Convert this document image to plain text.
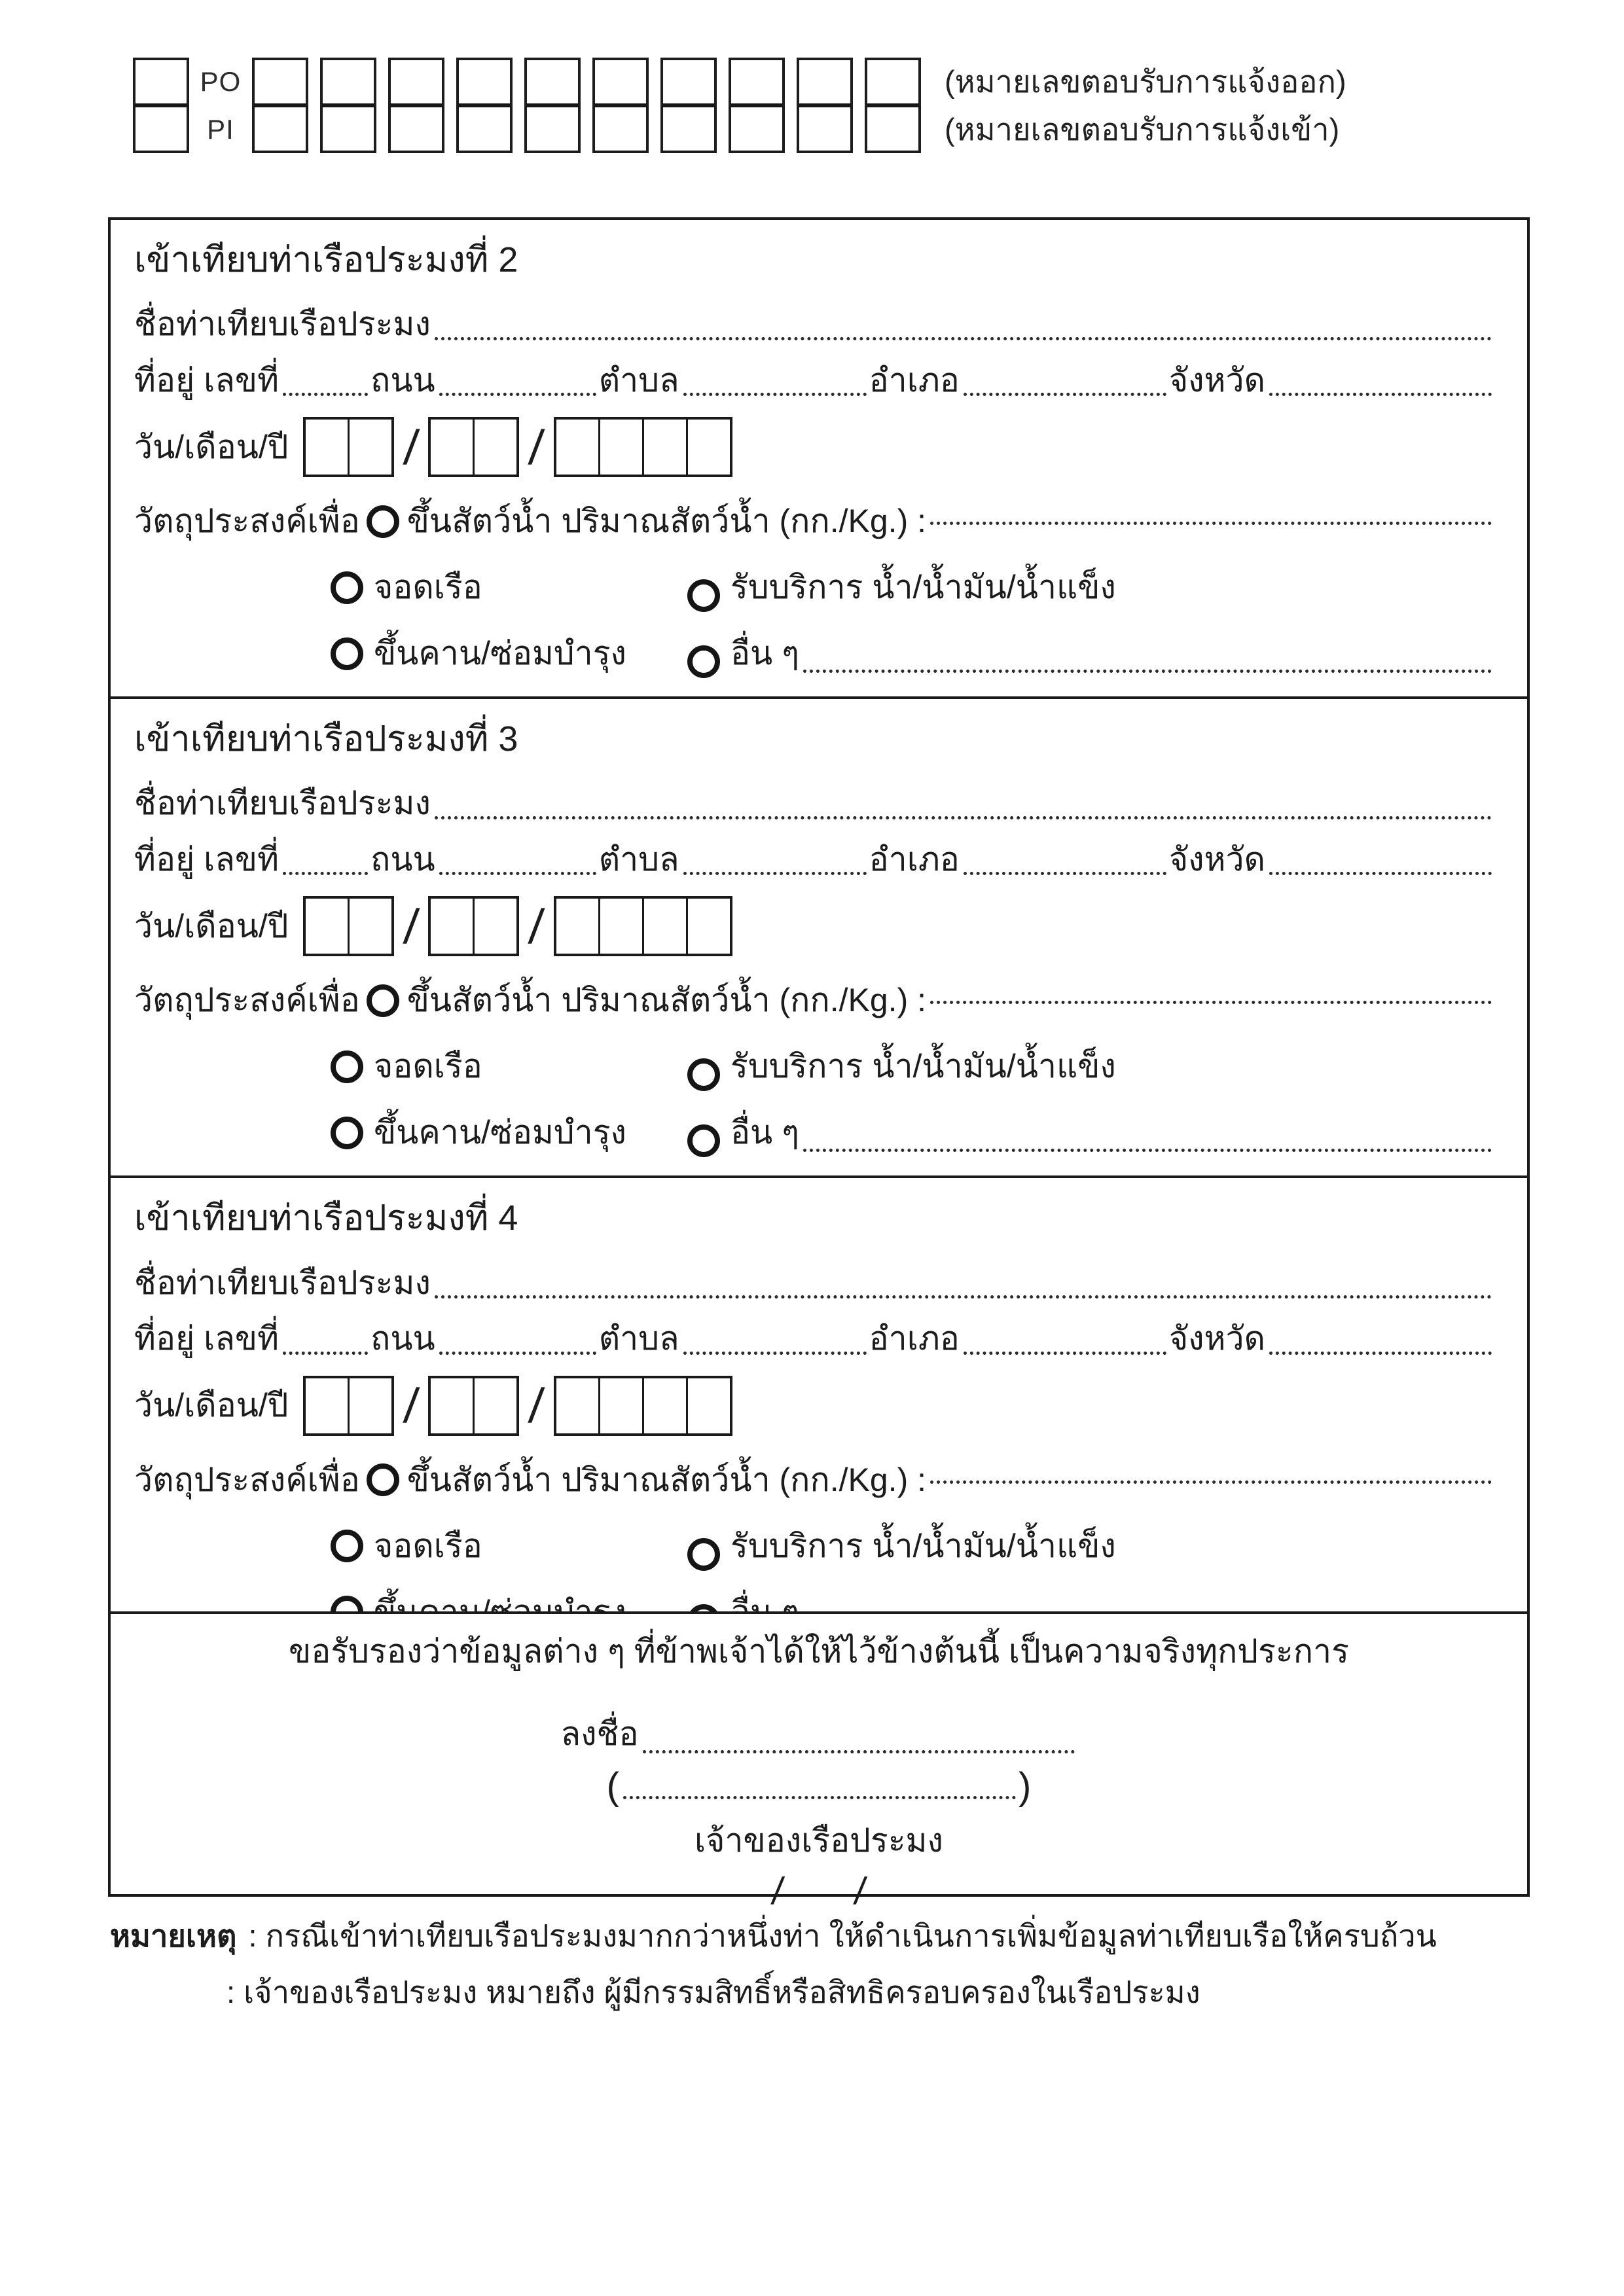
PO
PI
(หมายเลขตอบรับการแจ้งออก)
(หมายเลขตอบรับการแจ้งเข้า)
เข้าเทียบท่าเรือประมงที่ 2
ชื่อท่าเทียบเรือประมง
ที่อยู่ เลขที่	ถนน	ตำบล	อำเภอ	จังหวัด
วัน/เดือน/ปี / /
วัตถุประสงค์เพื่อ ขึ้นสัตว์น้ำ ปริมาณสัตว์น้ำ (กก./Kg.) :
จอดเรือ	รับบริการ น้ำ/น้ำมัน/น้ำแข็ง
ขึ้นคาน/ซ่อมบำรุง	อื่น ๆ
เข้าเทียบท่าเรือประมงที่ 3
ชื่อท่าเทียบเรือประมง
ที่อยู่ เลขที่	ถนน	ตำบล	อำเภอ	จังหวัด
วัน/เดือน/ปี / /
วัตถุประสงค์เพื่อ ขึ้นสัตว์น้ำ ปริมาณสัตว์น้ำ (กก./Kg.) :
จอดเรือ	รับบริการ น้ำ/น้ำมัน/น้ำแข็ง
ขึ้นคาน/ซ่อมบำรุง	อื่น ๆ
เข้าเทียบท่าเรือประมงที่ 4
ชื่อท่าเทียบเรือประมง
ที่อยู่ เลขที่	ถนน	ตำบล	อำเภอ	จังหวัด
วัน/เดือน/ปี / /
วัตถุประสงค์เพื่อ ขึ้นสัตว์น้ำ ปริมาณสัตว์น้ำ (กก./Kg.) :
จอดเรือ	รับบริการ น้ำ/น้ำมัน/น้ำแข็ง
ขอรับรองว่าข้อมูลต่าง ๆ ที่ข้าพเจ้าได้ให้ไว้ข้างต้นนี้ เป็นความจริงทุกประการ
ลงชื่อ
(	)
เจ้าของเรือประมง
/ /
หมายเหตุ : กรณีเข้าท่าเทียบเรือประมงมากกว่าหนึ่งท่า ให้ดำเนินการเพิ่มข้อมูลท่าเทียบเรือให้ครบถ้วน
: เจ้าของเรือประมง หมายถึง ผู้มีกรรมสิทธิ์หรือสิทธิครอบครองในเรือประมง
